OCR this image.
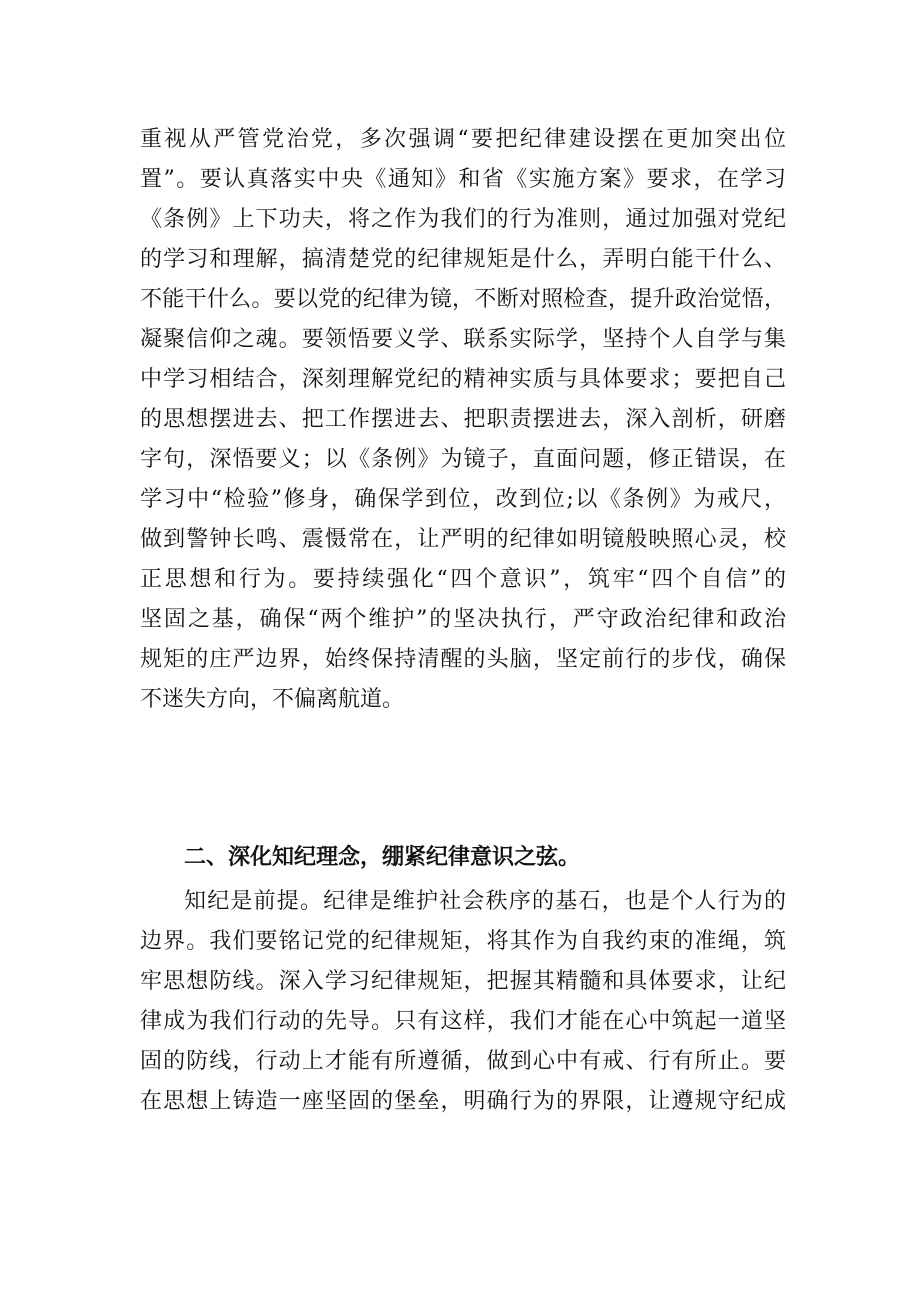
重视从严管党治党，多次强调“要把纪律建设摆在更加突出位
置”。要认真落实中央《通知》和省《实施方案》要求，在学习
《条例》上下功夫，将之作为我们的行为准则，通过加强对党纪
的学习和理解，搞清楚党的纪律规矩是什么，弄明白能干什么、
不能干什么。要以党的纪律为镜，不断对照检查，提升政治觉悟，
凝聚信仰之魂。要领悟要义学、联系实际学，坚持个人自学与集
中学习相结合，深刻理解党纪的精神实质与具体要求；要把自己
的思想摆进去、把工作摆进去、把职责摆进去，深入剖析，研磨
字句，深悟要义；以《条例》为镜子，直面问题，修正错误，在
学习中“检验”修身，确保学到位，改到位;以《条例》为戒尺，
做到警钟长鸣、震慑常在，让严明的纪律如明镜般映照心灵，校
正思想和行为。要持续强化“四个意识”，筑牢“四个自信”的
坚固之基，确保“两个维护”的坚决执行，严守政治纪律和政治
规矩的庄严边界，始终保持清醒的头脑，坚定前行的步伐，确保
不迷失方向，不偏离航道。
二、深化知纪理念，绷紧纪律意识之弦。
知纪是前提。纪律是维护社会秩序的基石，也是个人行为的
边界。我们要铭记党的纪律规矩，将其作为自我约束的准绳，筑
牢思想防线。深入学习纪律规矩，把握其精髓和具体要求，让纪
律成为我们行动的先导。只有这样，我们才能在心中筑起一道坚
固的防线，行动上才能有所遵循，做到心中有戒、行有所止。要
在思想上铸造一座坚固的堡垒，明确行为的界限，让遵规守纪成
